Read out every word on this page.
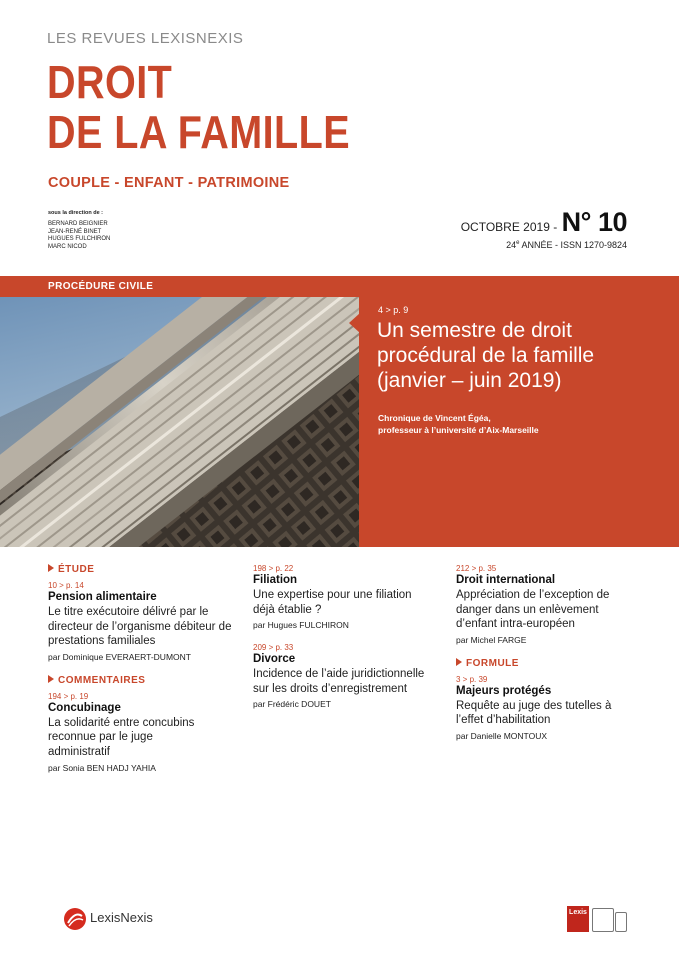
LES REVUES LEXISNEXIS
DROIT
DE LA FAMILLE
COUPLE - ENFANT - PATRIMOINE
sous la direction de :
BERNARD BEIGNIER
JEAN-RENÉ BINET
HUGUES FULCHIRON
MARC NICOD
OCTOBRE 2019 - N° 10
24e ANNÉE - ISSN 1270-9824
PROCÉDURE CIVILE
4 > p. 9
Un semestre de droit procédural de la famille (janvier – juin 2019)
Chronique de Vincent Égéa,
professeur à l’université d’Aix-Marseille
ÉTUDE
10 > p. 14
Pension alimentaire
Le titre exécutoire délivré par le directeur de l’organisme débiteur de prestations familiales
par Dominique EVERAERT-DUMONT
COMMENTAIRES
194 > p. 19
Concubinage
La solidarité entre concubins reconnue par le juge administratif
par Sonia BEN HADJ YAHIA
198 > p. 22
Filiation
Une expertise pour une filiation déjà établie ?
par Hugues FULCHIRON
209 > p. 33
Divorce
Incidence de l’aide juridictionnelle sur les droits d’enregistrement
par Frédéric DOUET
212 > p. 35
Droit international
Appréciation de l’exception de danger dans un enlèvement d’enfant intra-européen
par Michel FARGE
FORMULE
3 > p. 39
Majeurs protégés
Requête au juge des tutelles à l’effet d’habilitation
par Danielle MONTOUX
LexisNexis	Lexis
